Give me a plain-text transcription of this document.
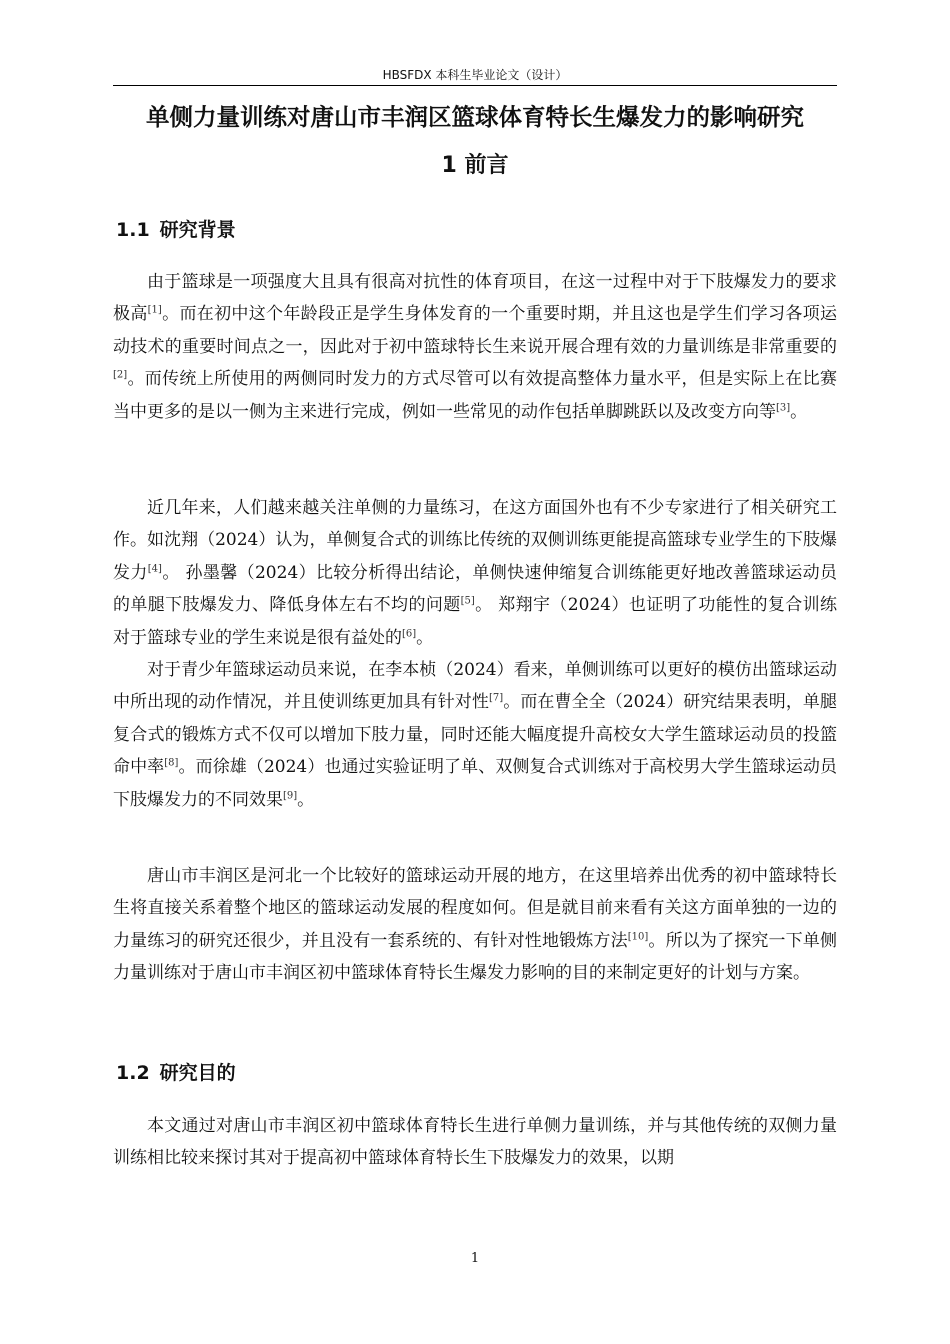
HBSFDX 本科生毕业论文（设计）
单侧力量训练对唐山市丰润区篮球体育特长生爆发力的影响研究
1 前言
1.1 研究背景

由于篮球是一项强度大且具有很高对抗性的体育项目，在这一过程中对于下肢爆发力的要求极高[1]。而在初中这个年龄段正是学生身体发育的一个重要时期，并且这也是学生们学习各项运动技术的重要时间点之一，因此对于初中篮球特长生来说开展合理有效的力量训练是非常重要的[2]。而传统上所使用的两侧同时发力的方式尽管可以有效提高整体力量水平，但是实际上在比赛当中更多的是以一侧为主来进行完成，例如一些常见的动作包括单脚跳跃以及改变方向等[3]。

近几年来，人们越来越关注单侧的力量练习，在这方面国外也有不少专家进行了相关研究工作。如沈翔（2024）认为，单侧复合式的训练比传统的双侧训练更能提高篮球专业学生的下肢爆发力[4]。 孙墨馨（2024）比较分析得出结论，单侧快速伸缩复合训练能更好地改善篮球运动员的单腿下肢爆发力、降低身体左右不均的问题[5]。 郑翔宇（2024）也证明了功能性的复合训练对于篮球专业的学生来说是很有益处的[6]。

对于青少年篮球运动员来说，在李本桢（2024）看来，单侧训练可以更好的模仿出篮球运动中所出现的动作情况，并且使训练更加具有针对性[7]。而在曹全全（2024）研究结果表明，单腿复合式的锻炼方式不仅可以增加下肢力量，同时还能大幅度提升高校女大学生篮球运动员的投篮命中率[8]。而徐雄（2024）也通过实验证明了单、双侧复合式训练对于高校男大学生篮球运动员下肢爆发力的不同效果[9]。

唐山市丰润区是河北一个比较好的篮球运动开展的地方，在这里培养出优秀的初中篮球特长生将直接关系着整个地区的篮球运动发展的程度如何。但是就目前来看有关这方面单独的一边的力量练习的研究还很少，并且没有一套系统的、有针对性地锻炼方法[10]。所以为了探究一下单侧力量训练对于唐山市丰润区初中篮球体育特长生爆发力影响的目的来制定更好的计划与方案。

1.2 研究目的

本文通过对唐山市丰润区初中篮球体育特长生进行单侧力量训练，并与其他传统的双侧力量训练相比较来探讨其对于提高初中篮球体育特长生下肢爆发力的效果，以期

1
